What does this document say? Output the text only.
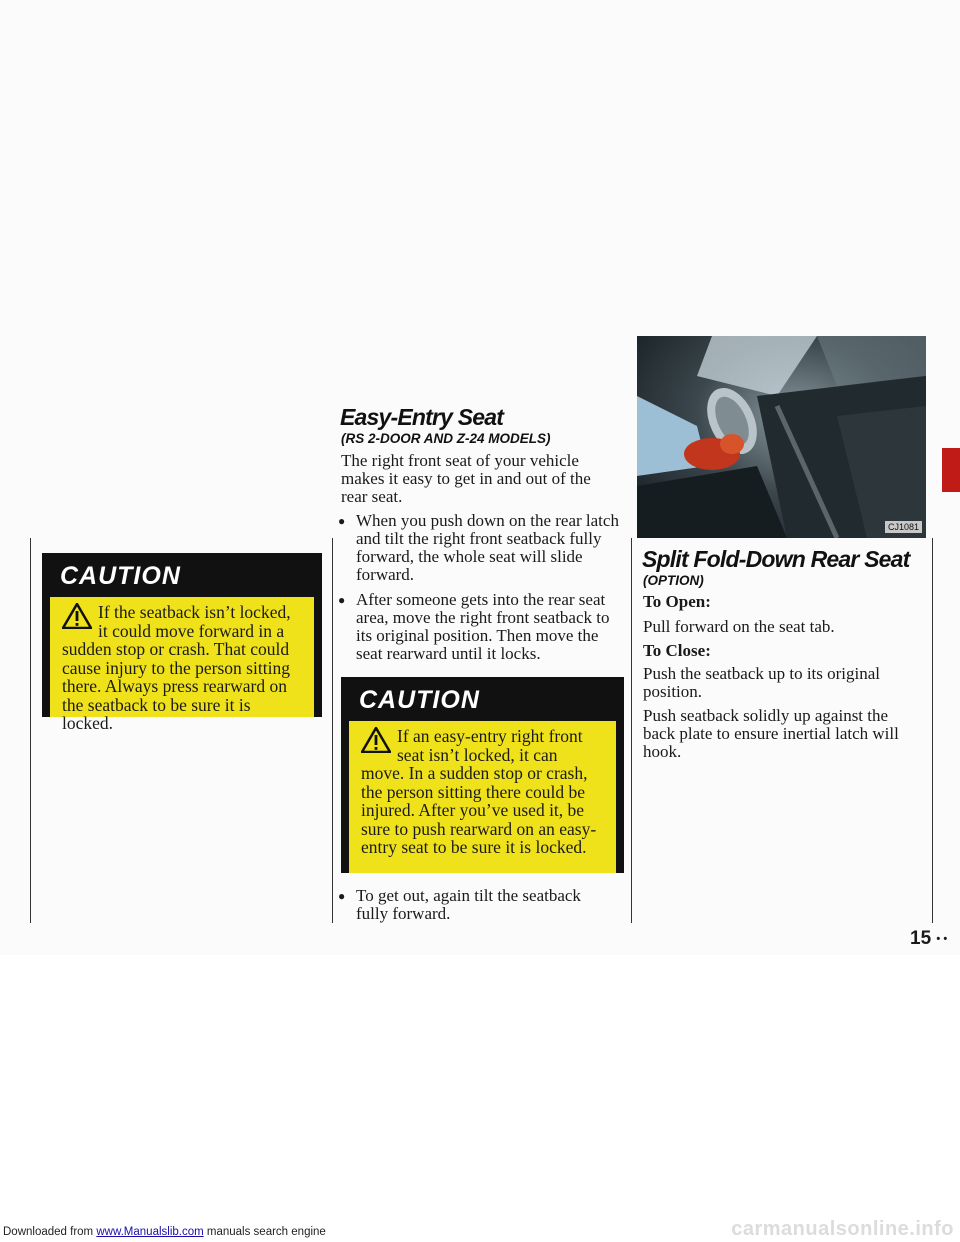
CAUTION
If the seatback isn’t locked, it could move forward in a sudden stop or crash. That could cause injury to the person sitting there. Always press rearward on the seatback to be sure it is locked.
Easy-Entry Seat
(RS 2-DOOR AND Z-24 MODELS)

The right front seat of your vehicle makes it easy to get in and out of the rear seat.

● When you push down on the rear latch and tilt the right front seatback fully forward, the whole seat will slide forward.
● After someone gets into the rear seat area, move the right front seatback to its original position. Then move the seat rearward until it locks.
CAUTION
If an easy-entry right front seat isn’t locked, it can move. In a sudden stop or crash, the person sitting there could be injured. After you’ve used it, be sure to push rearward on an easy-entry seat to be sure it is locked.
● To get out, again tilt the seatback fully forward.
CJ1081
Split Fold-Down Rear Seat
(OPTION)
To Open:

Pull forward on the seat tab.

To Close:

Push the seatback up to its original position.

Push seatback solidly up against the back plate to ensure inertial latch will hook.

15 • •
Downloaded from www.Manualslib.com manuals search engine	carmanualsonline.info
